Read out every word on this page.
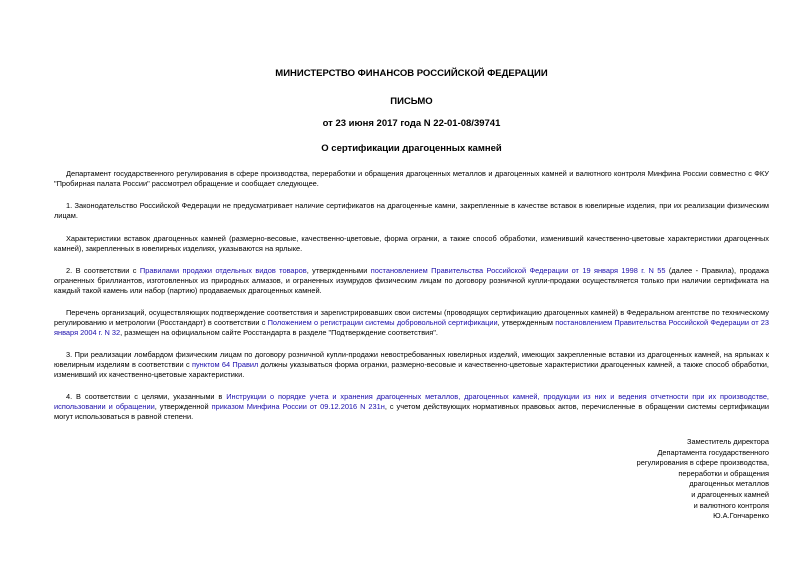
МИНИСТЕРСТВО ФИНАНСОВ РОССИЙСКОЙ ФЕДЕРАЦИИ
ПИСЬМО
от 23 июня 2017 года N 22-01-08/39741
О сертификации драгоценных камней

Департамент государственного регулирования в сфере производства, переработки и обращения драгоценных металлов и драгоценных камней и валютного контроля Минфина России совместно с ФКУ "Пробирная палата России" рассмотрел обращение и сообщает следующее.

1. Законодательство Российской Федерации не предусматривает наличие сертификатов на драгоценные камни, закрепленные в качестве вставок в ювелирные изделия, при их реализации физическим лицам.

Характеристики вставок драгоценных камней (размерно-весовые, качественно-цветовые, форма огранки, а также способ обработки, изменивший качественно-цветовые характеристики драгоценных камней), закрепленных в ювелирных изделиях, указываются на ярлыке.

2. В соответствии с Правилами продажи отдельных видов товаров, утвержденными постановлением Правительства Российской Федерации от 19 января 1998 г. N 55 (далее - Правила), продажа ограненных бриллиантов, изготовленных из природных алмазов, и ограненных изумрудов физическим лицам по договору розничной купли-продажи осуществляется только при наличии сертификата на каждый такой камень или набор (партию) продаваемых драгоценных камней.

Перечень организаций, осуществляющих подтверждение соответствия и зарегистрировавших свои системы (проводящих сертификацию драгоценных камней) в Федеральном агентстве по техническому регулированию и метрологии (Росстандарт) в соответствии с Положением о регистрации системы добровольной сертификации, утвержденным постановлением Правительства Российской Федерации от 23 января 2004 г. N 32, размещен на официальном сайте Росстандарта в разделе "Подтверждение соответствия".

3. При реализации ломбардом физическим лицам по договору розничной купли-продажи невостребованных ювелирных изделий, имеющих закрепленные вставки из драгоценных камней, на ярлыках к ювелирным изделиям в соответствии с пунктом 64 Правил должны указываться форма огранки, размерно-весовые и качественно-цветовые характеристики драгоценных камней, а также способ обработки, изменивший их качественно-цветовые характеристики.

4. В соответствии с целями, указанными в Инструкции о порядке учета и хранения драгоценных металлов, драгоценных камней, продукции из них и ведения отчетности при их производстве, использовании и обращении, утвержденной приказом Минфина России от 09.12.2016 N 231н, с учетом действующих нормативных правовых актов, перечисленные в обращении системы сертификации могут использоваться в равной степени.

Заместитель директора
Департамента государственного
регулирования в сфере производства,
переработки и обращения
драгоценных металлов
и драгоценных камней
и валютного контроля
Ю.А.Гончаренко
